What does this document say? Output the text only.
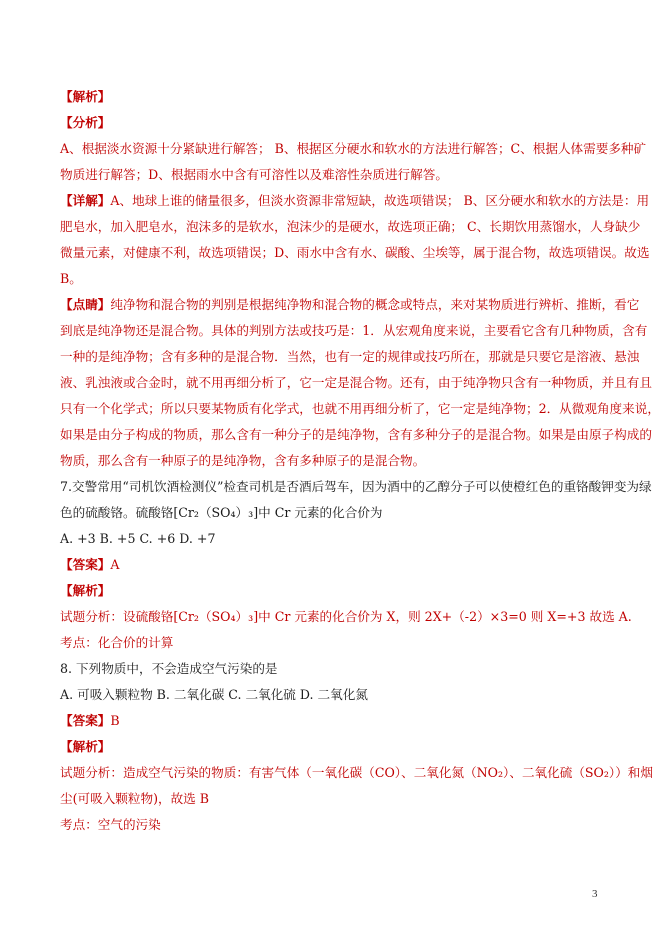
【解析】
【分析】
A、根据淡水资源十分紧缺进行解答； B、根据区分硬水和软水的方法进行解答；C、根据人体需要多种矿
物质进行解答；D、根据雨水中含有可溶性以及难溶性杂质进行解答。
【详解】A、地球上谁的储量很多，但淡水资源非常短缺，故选项错误； B、区分硬水和软水的方法是：用
肥皂水，加入肥皂水，泡沫多的是软水，泡沫少的是硬水，故选项正确； C、长期饮用蒸馏水，人身缺少
微量元素，对健康不利，故选项错误；D、雨水中含有水、碳酸、尘埃等，属于混合物，故选项错误。故选
B。
【点睛】纯净物和混合物的判别是根据纯净物和混合物的概念或特点，来对某物质进行辨析、推断，看它
到底是纯净物还是混合物。具体的判别方法或技巧是：1．从宏观角度来说，主要看它含有几种物质，含有
一种的是纯净物；含有多种的是混合物．当然，也有一定的规律或技巧所在，那就是只要它是溶液、悬浊
液、乳浊液或合金时，就不用再细分析了，它一定是混合物。还有，由于纯净物只含有一种物质，并且有且
只有一个化学式；所以只要某物质有化学式，也就不用再细分析了，它一定是纯净物；2．从微观角度来说，
如果是由分子构成的物质，那么含有一种分子的是纯净物，含有多种分子的是混合物。如果是由原子构成的
物质，那么含有一种原子的是纯净物，含有多种原子的是混合物。
7.交警常用“司机饮酒检测仪”检查司机是否酒后驾车，因为酒中的乙醇分子可以使橙红色的重铬酸钾变为绿
色的硫酸铬。硫酸铬[Cr₂（SO₄）₃]中 Cr 元素的化合价为
A. +3 B. +5 C. +6 D. +7
【答案】A
【解析】
试题分析：设硫酸铬[Cr₂（SO₄）₃]中 Cr 元素的化合价为 X，则 2X+（-2）×3=0 则 X=+3 故选 A.
考点：化合价的计算
8. 下列物质中，不会造成空气污染的是
A. 可吸入颗粒物 B. 二氧化碳 C. 二氧化硫 D. 二氧化氮
【答案】B
【解析】
试题分析：造成空气污染的物质：有害气体（一氧化碳（CO）、二氧化氮（NO₂）、二氧化硫（SO₂））和烟
尘(可吸入颗粒物)，故选 B
考点：空气的污染
3
